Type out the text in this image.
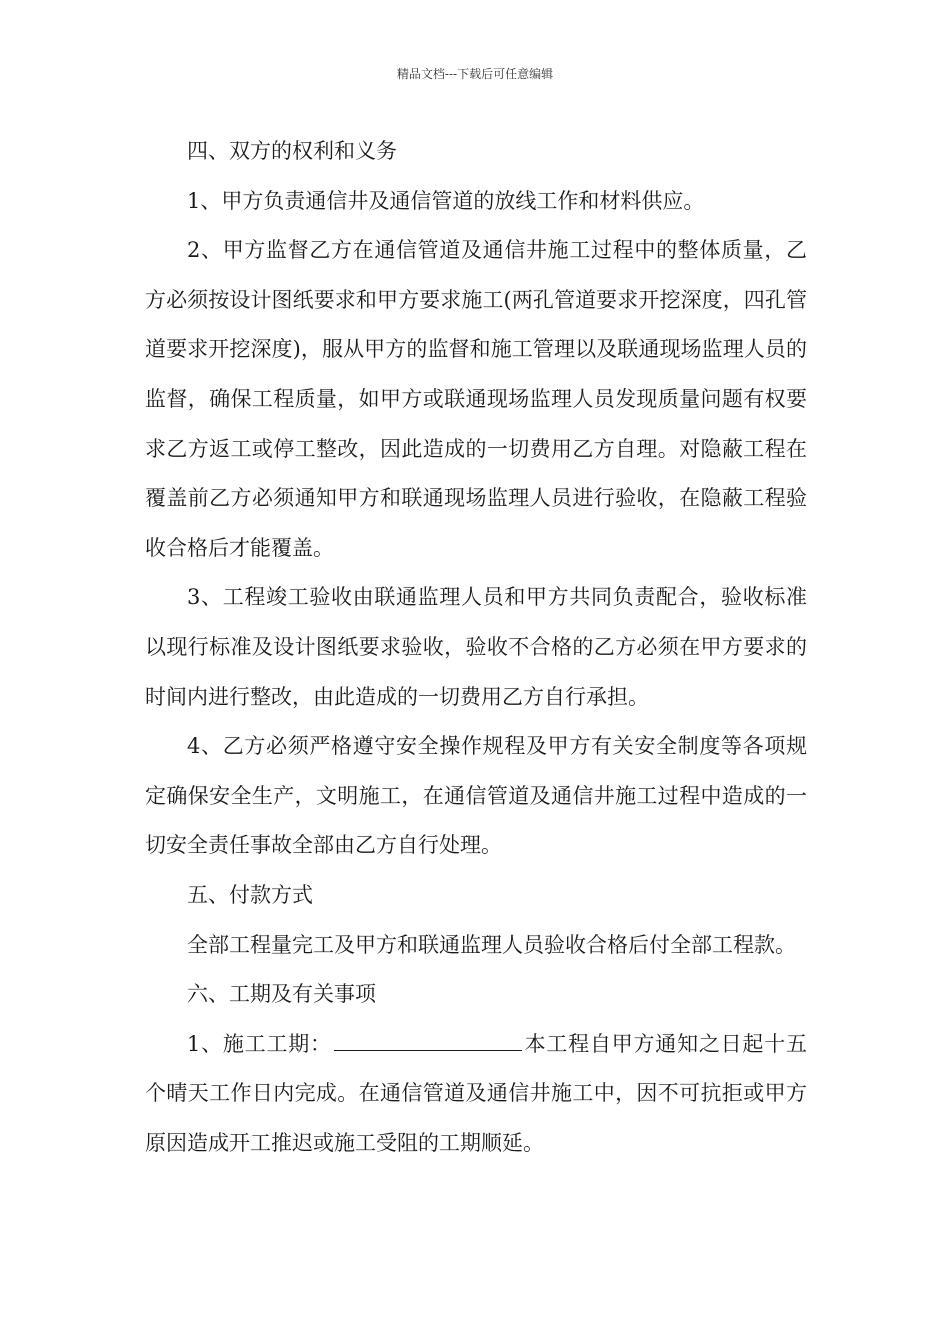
精品文档---下载后可任意编辑

四、双方的权利和义务

1、甲方负责通信井及通信管道的放线工作和材料供应。

2、甲方监督乙方在通信管道及通信井施工过程中的整体质量，乙方必须按设计图纸要求和甲方要求施工(两孔管道要求开挖深度，四孔管道要求开挖深度)，服从甲方的监督和施工管理以及联通现场监理人员的监督，确保工程质量，如甲方或联通现场监理人员发现质量问题有权要求乙方返工或停工整改，因此造成的一切费用乙方自理。对隐蔽工程在覆盖前乙方必须通知甲方和联通现场监理人员进行验收，在隐蔽工程验收合格后才能覆盖。

3、工程竣工验收由联通监理人员和甲方共同负责配合，验收标准以现行标准及设计图纸要求验收，验收不合格的乙方必须在甲方要求的时间内进行整改，由此造成的一切费用乙方自行承担。

4、乙方必须严格遵守安全操作规程及甲方有关安全制度等各项规定确保安全生产，文明施工，在通信管道及通信井施工过程中造成的一切安全责任事故全部由乙方自行处理。

五、付款方式

全部工程量完工及甲方和联通监理人员验收合格后付全部工程款。

六、工期及有关事项

1、施工工期：	本工程自甲方通知之日起十五个晴天工作日内完成。在通信管道及通信井施工中，因不可抗拒或甲方原因造成开工推迟或施工受阻的工期顺延。
